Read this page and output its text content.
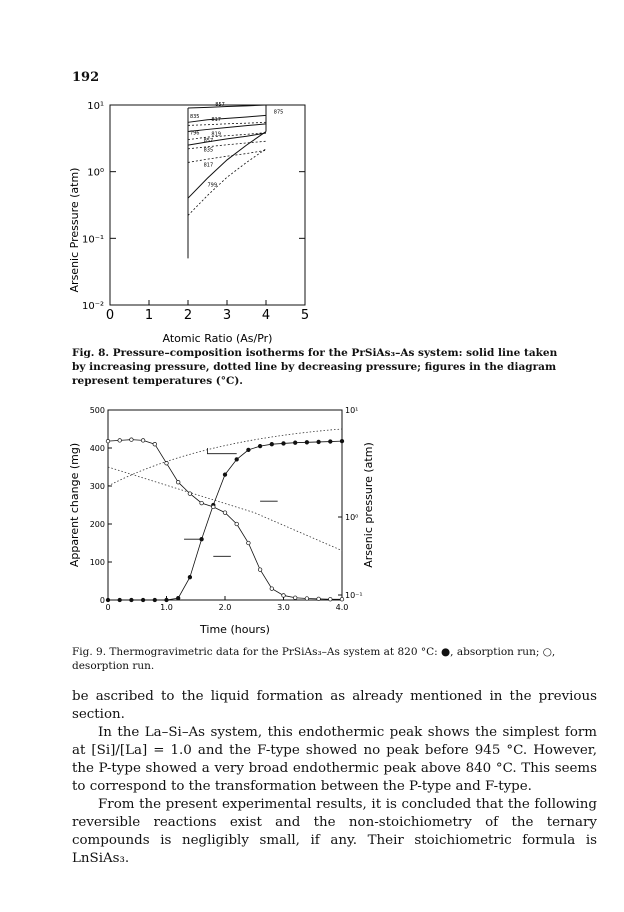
192
10⁻²
10⁻¹
10⁰
10¹
0 1 2 3 4 5
Atomic Ratio (As/Pr)
Arsenic Pressure (atm)
857
835 817
796 819
875
857
835
817
799
Fig. 8. Pressure–composition isotherms for the PrSiAs₃–As system: solid line taken by increasing pressure, dotted line by decreasing pressure; figures in the diagram represent temperatures (°C).
0
100
200
300
400
500
10⁻¹
10⁰
10¹
0	1.0	2.0	3.0	4.0
Time (hours)
Apparent change (mg)	Arsenic pressure (atm)
Fig. 9. Thermogravimetric data for the PrSiAs₃–As system at 820 °C: ●, absorption run; ○, desorption run.

be ascribed to the liquid formation as already mentioned in the previous section.

In the La–Si–As system, this endothermic peak shows the simplest form at [Si]/[La] = 1.0 and the F-type showed no peak before 945 °C. However, the P-type showed a very broad endothermic peak above 840 °C. This seems to correspond to the transformation between the P-type and F-type.

From the present experimental results, it is concluded that the following reversible reactions exist and the non-stoichiometry of the ternary compounds is negligibly small, if any. Their stoichiometric formula is LnSiAs₃.
